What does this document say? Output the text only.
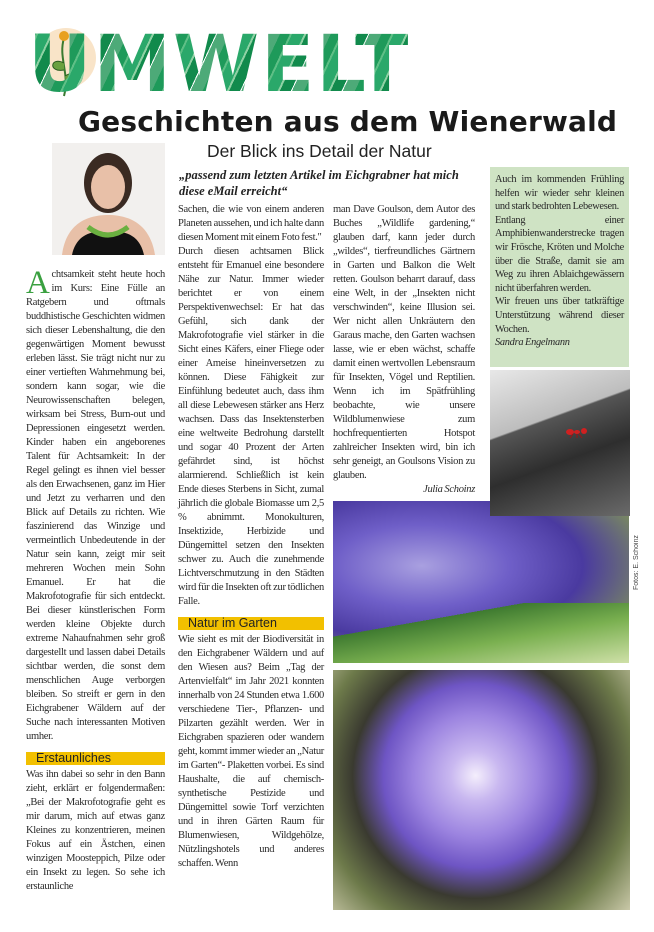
UMWELT
Geschichten aus dem Wienerwald
Der Blick ins Detail der Natur
„passend zum letzten Artikel im Eichgrabner hat mich diese eMail erreicht“

Achtsamkeit steht heute hoch im Kurs: Eine Fülle an Ratgebern und oftmals buddhistische Geschichten widmen sich dieser Lebenshaltung, die den gegenwärtigen Moment bewusst erleben lässt. Sie trägt nicht nur zu einer vertieften Wahrnehmung bei, sondern kann sogar, wie die Neurowissenschaften belegen, wirksam bei Stress, Burn-out und Depressionen eingesetzt werden. Kinder haben ein angeborenes Talent für Achtsamkeit: In der Regel gelingt es ihnen viel besser als den Erwachsenen, ganz im Hier und Jetzt zu verharren und den Blick auf Details zu richten. Wie faszinierend das Winzige und vermeintlich Unbedeutende in der Natur sein kann, zeigt mir seit mehreren Wochen mein Sohn Emanuel. Er hat die Makrofotografie für sich entdeckt. Bei dieser künstlerischen Form werden kleine Objekte durch extreme Nahaufnahmen sehr groß dargestellt und lassen dabei Details sichtbar werden, die sonst dem menschlichen Auge verborgen bleiben. So streift er gern in den Eichgrabener Wäldern auf der Suche nach interessanten Motiven umher.

Erstaunliches

Was ihn dabei so sehr in den Bann zieht, erklärt er folgendermaßen: „Bei der Makrofotografie geht es mir darum, mich auf etwas ganz Kleines zu konzentrieren, meinen Fokus auf ein Ästchen, einen winzigen Moosteppich, Pilze oder ein Insekt zu legen. So sehe ich erstaunliche

Sachen, die wie von einem anderen Planeten aussehen, und ich halte dann diesen Moment mit einem Foto fest."

Durch diesen achtsamen Blick entsteht für Emanuel eine besondere Nähe zur Natur. Immer wieder berichtet er von einem Perspektivenwechsel: Er hat das Gefühl, sich dank der Makrofotografie viel stärker in die Sicht eines Käfers, einer Fliege oder einer Ameise hineinversetzen zu können. Diese Fähigkeit zur Einfühlung bedeutet auch, dass ihm all diese Lebewesen stärker ans Herz wachsen. Dass das Insektensterben eine weltweite Bedrohung darstellt und sogar 40 Prozent der Arten gefährdet sind, ist höchst alarmierend. Schließlich ist kein Ende dieses Sterbens in Sicht, zumal jährlich die globale Biomasse um 2,5 % abnimmt. Monokulturen, Insektizide, Herbizide und Düngemittel setzen den Insekten schwer zu. Auch die zunehmende Lichtverschmutzung in den Städten wird für die Insekten oft zur tödlichen Falle.

Natur im Garten

Wie sieht es mit der Biodiversität in den Eichgrabener Wäldern und auf den Wiesen aus? Beim „Tag der Artenvielfalt“ im Jahr 2021 konnten innerhalb von 24 Stunden etwa 1.600 verschiedene Tier-, Pflanzen- und Pilzarten gezählt werden. Wer in Eichgraben spazieren oder wandern geht, kommt immer wieder an „Natur im Garten“- Plaketten vorbei. Es sind Haushalte, die auf chemisch-synthetische Pestizide und Düngemittel sowie Torf verzichten und in ihren Gärten Raum für Blumenwiesen, Wildgehölze, Nützlingshotels und anderes schaffen. Wenn

man Dave Goulson, dem Autor des Buches „Wildlife gardening,“ glauben darf, kann jeder durch „wildes“, tierfreundliches Gärtnern in Garten und Balkon die Welt retten. Goulson beharrt darauf, dass eine Welt, in der „Insekten nicht verschwinden“, keine Illusion sei. Wer nicht allen Unkräutern den Garaus mache, den Garten wachsen lasse, wie er eben wächst, schaffe damit einen wertvollen Lebensraum für Insekten, Vögel und Reptilien. Wenn ich im Spätfrühling beobachte, wie unsere Wildblumenwiese zum hochfrequentierten Hotspot zahlreicher Insekten wird, bin ich sehr geneigt, an Goulsons Vision zu glauben.

Julia Schoinz

Auch im kommenden Frühling helfen wir wieder sehr kleinen und stark bedrohten Lebewesen.

Entlang einer Amphibienwanderstrecke tragen wir Frösche, Kröten und Molche über die Straße, damit sie am Weg zu ihren Ablaichgewässern nicht überfahren werden.

Wir freuen uns über tatkräftige Unterstützung während dieser Wochen.

Sandra Engelmann

Fotos: E. Schoinz
